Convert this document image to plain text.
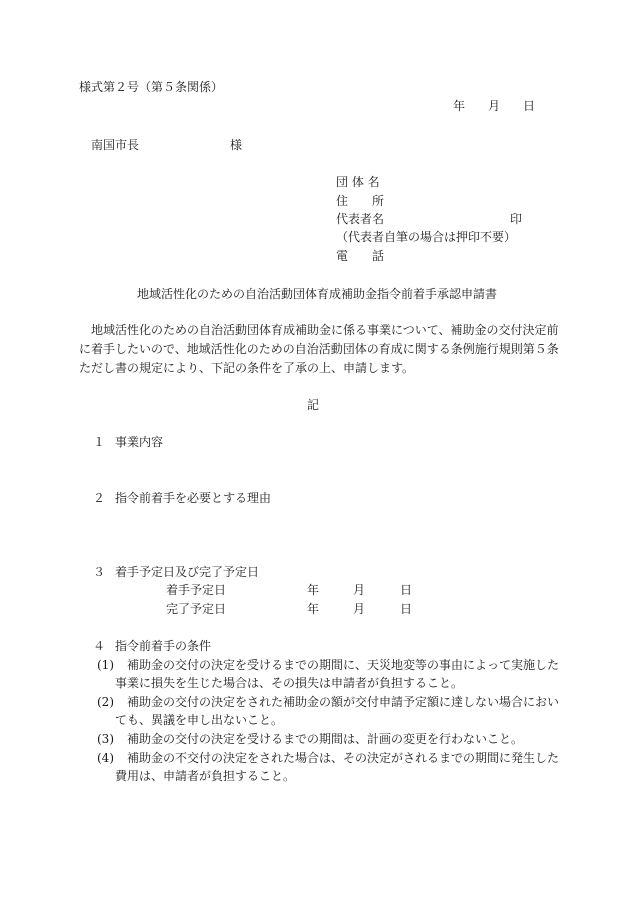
様式第２号（第５条関係）
年 月 日
南国市長	様
団 体 名
住　　所
代表者名	印
（代表者自筆の場合は押印不要）
電　　話
地域活性化のための自治活動団体育成補助金指令前着手承認申請書
地域活性化のための自治活動団体育成補助金に係る事業について、補助金の交付決定前
に着手したいので、地域活性化のための自治活動団体の育成に関する条例施行規則第５条
ただし書の規定により、下記の条件を了承の上、申請します。
記
１ 事業内容
２ 指令前着手を必要とする理由
３ 着手予定日及び完了予定日
着手予定日	年	月	日
完了予定日	年	月	日
４ 指令前着手の条件
(1) 補助金の交付の決定を受けるまでの期間に、天災地変等の事由によって実施した
事業に損失を生じた場合は、その損失は申請者が負担すること。
(2) 補助金の交付の決定をされた補助金の額が交付申請予定額に達しない場合におい
ても、異議を申し出ないこと。
(3) 補助金の交付の決定を受けるまでの期間は、計画の変更を行わないこと。
(4) 補助金の不交付の決定をされた場合は、その決定がされるまでの期間に発生した
費用は、申請者が負担すること。
